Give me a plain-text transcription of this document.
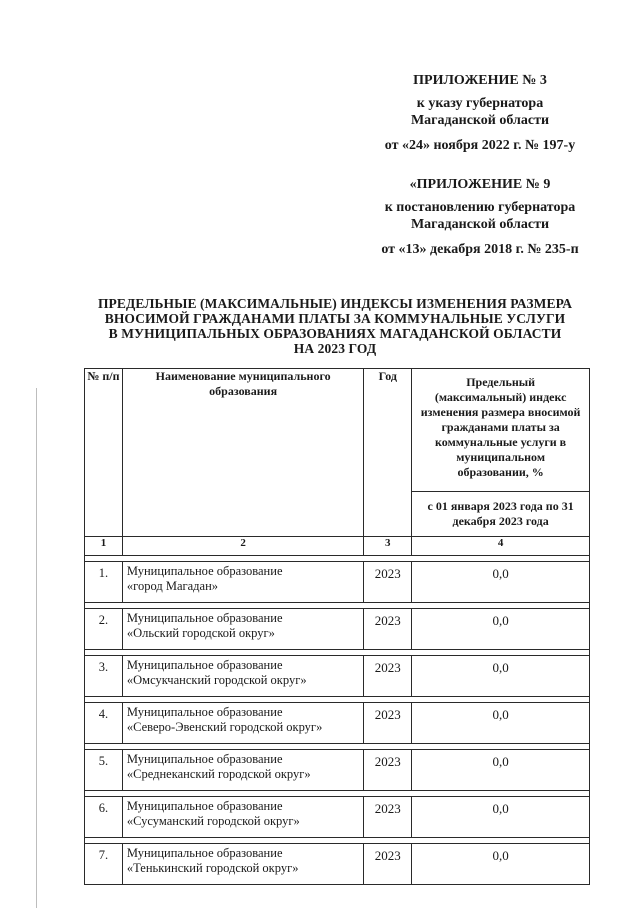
ПРИЛОЖЕНИЕ № 3
к указу губернатора
Магаданской области
от «24» ноября 2022 г. № 197-у
«ПРИЛОЖЕНИЕ № 9
к постановлению губернатора
Магаданской области
от «13» декабря 2018 г. № 235-п
ПРЕДЕЛЬНЫЕ (МАКСИМАЛЬНЫЕ) ИНДЕКСЫ ИЗМЕНЕНИЯ РАЗМЕРА
ВНОСИМОЙ ГРАЖДАНАМИ ПЛАТЫ ЗА КОММУНАЛЬНЫЕ УСЛУГИ
В МУНИЦИПАЛЬНЫХ ОБРАЗОВАНИЯХ МАГАДАНСКОЙ ОБЛАСТИ
НА 2023 ГОД
№ п/п	Наименование муниципального образования	Год	Предельный (максимальный) индекс изменения размера вносимой гражданами платы за коммунальные услуги в муниципальном образовании, %
			с 01 января 2023 года по 31 декабря 2023 года
1	2	3	4

1.	Муниципальное образование
«город Магадан»	2023	0,0

2.	Муниципальное образование
«Ольский городской округ»	2023	0,0

3.	Муниципальное образование
«Омсукчанский городской округ»	2023	0,0

4.	Муниципальное образование
«Северо-Эвенский городской округ»	2023	0,0

5.	Муниципальное образование
«Среднеканский городской округ»	2023	0,0

6.	Муниципальное образование
«Сусуманский городской округ»	2023	0,0

7.	Муниципальное образование
«Тенькинский городской округ»	2023	0,0
